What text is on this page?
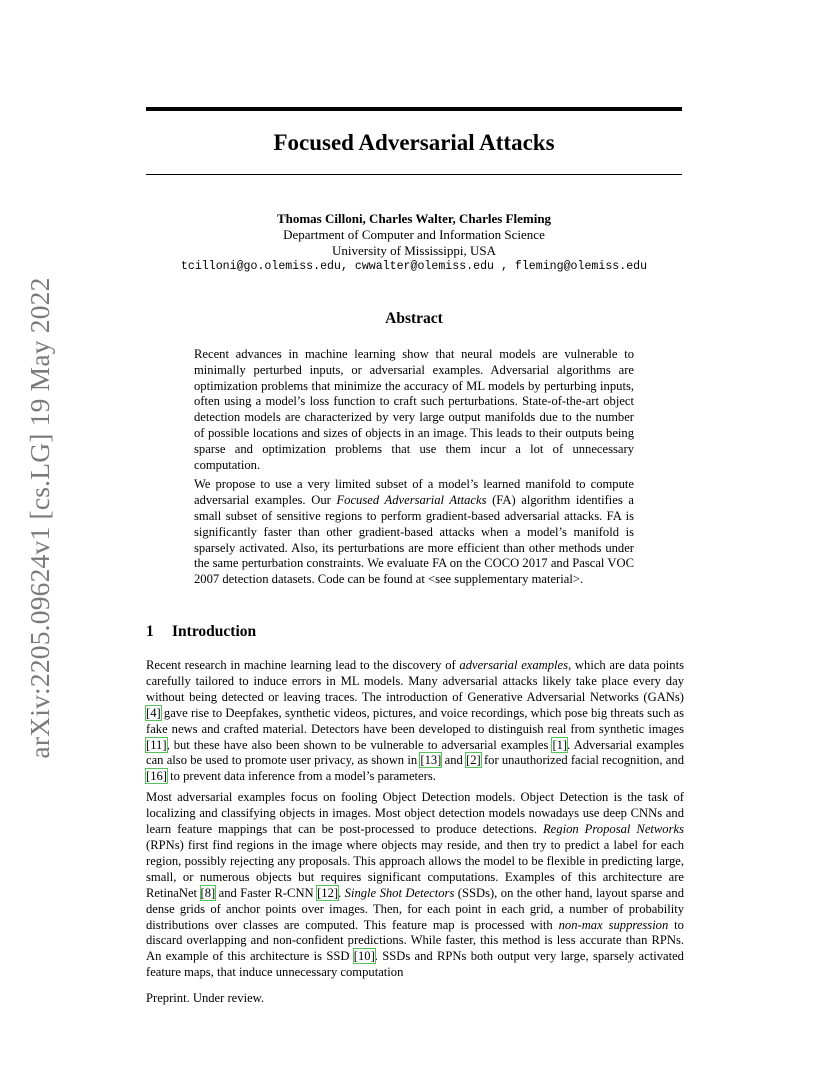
arXiv:2205.09624v1 [cs.LG] 19 May 2022
Focused Adversarial Attacks
Thomas Cilloni, Charles Walter, Charles Fleming
Department of Computer and Information Science
University of Mississippi, USA
tcilloni@go.olemiss.edu, cwwalter@olemiss.edu , fleming@olemiss.edu
Abstract

Recent advances in machine learning show that neural models are vulnerable to minimally perturbed inputs, or adversarial examples. Adversarial algorithms are optimization problems that minimize the accuracy of ML models by perturbing inputs, often using a model’s loss function to craft such perturbations. State-of-the-art object detection models are characterized by very large output manifolds due to the number of possible locations and sizes of objects in an image. This leads to their outputs being sparse and optimization problems that use them incur a lot of unnecessary computation.

We propose to use a very limited subset of a model’s learned manifold to compute adversarial examples. Our Focused Adversarial Attacks (FA) algorithm identifies a small subset of sensitive regions to perform gradient-based adversarial attacks. FA is significantly faster than other gradient-based attacks when a model’s manifold is sparsely activated. Also, its perturbations are more efficient than other methods under the same perturbation constraints. We evaluate FA on the COCO 2017 and Pascal VOC 2007 detection datasets. Code can be found at <see supplementary material>.

1 Introduction

Recent research in machine learning lead to the discovery of adversarial examples, which are data points carefully tailored to induce errors in ML models. Many adversarial attacks likely take place every day without being detected or leaving traces. The introduction of Generative Adversarial Networks (GANs) [4] gave rise to Deepfakes, synthetic videos, pictures, and voice recordings, which pose big threats such as fake news and crafted material. Detectors have been developed to distinguish real from synthetic images [11], but these have also been shown to be vulnerable to adversarial examples [1]. Adversarial examples can also be used to promote user privacy, as shown in [13] and [2] for unauthorized facial recognition, and [16] to prevent data inference from a model’s parameters.

Most adversarial examples focus on fooling Object Detection models. Object Detection is the task of localizing and classifying objects in images. Most object detection models nowadays use deep CNNs and learn feature mappings that can be post-processed to produce detections. Region Proposal Networks (RPNs) first find regions in the image where objects may reside, and then try to predict a label for each region, possibly rejecting any proposals. This approach allows the model to be flexible in predicting large, small, or numerous objects but requires significant computations. Examples of this architecture are RetinaNet [8] and Faster R-CNN [12]. Single Shot Detectors (SSDs), on the other hand, layout sparse and dense grids of anchor points over images. Then, for each point in each grid, a number of probability distributions over classes are computed. This feature map is processed with non-max suppression to discard overlapping and non-confident predictions. While faster, this method is less accurate than RPNs. An example of this architecture is SSD [10]. SSDs and RPNs both output very large, sparsely activated feature maps, that induce unnecessary computation

Preprint. Under review.
